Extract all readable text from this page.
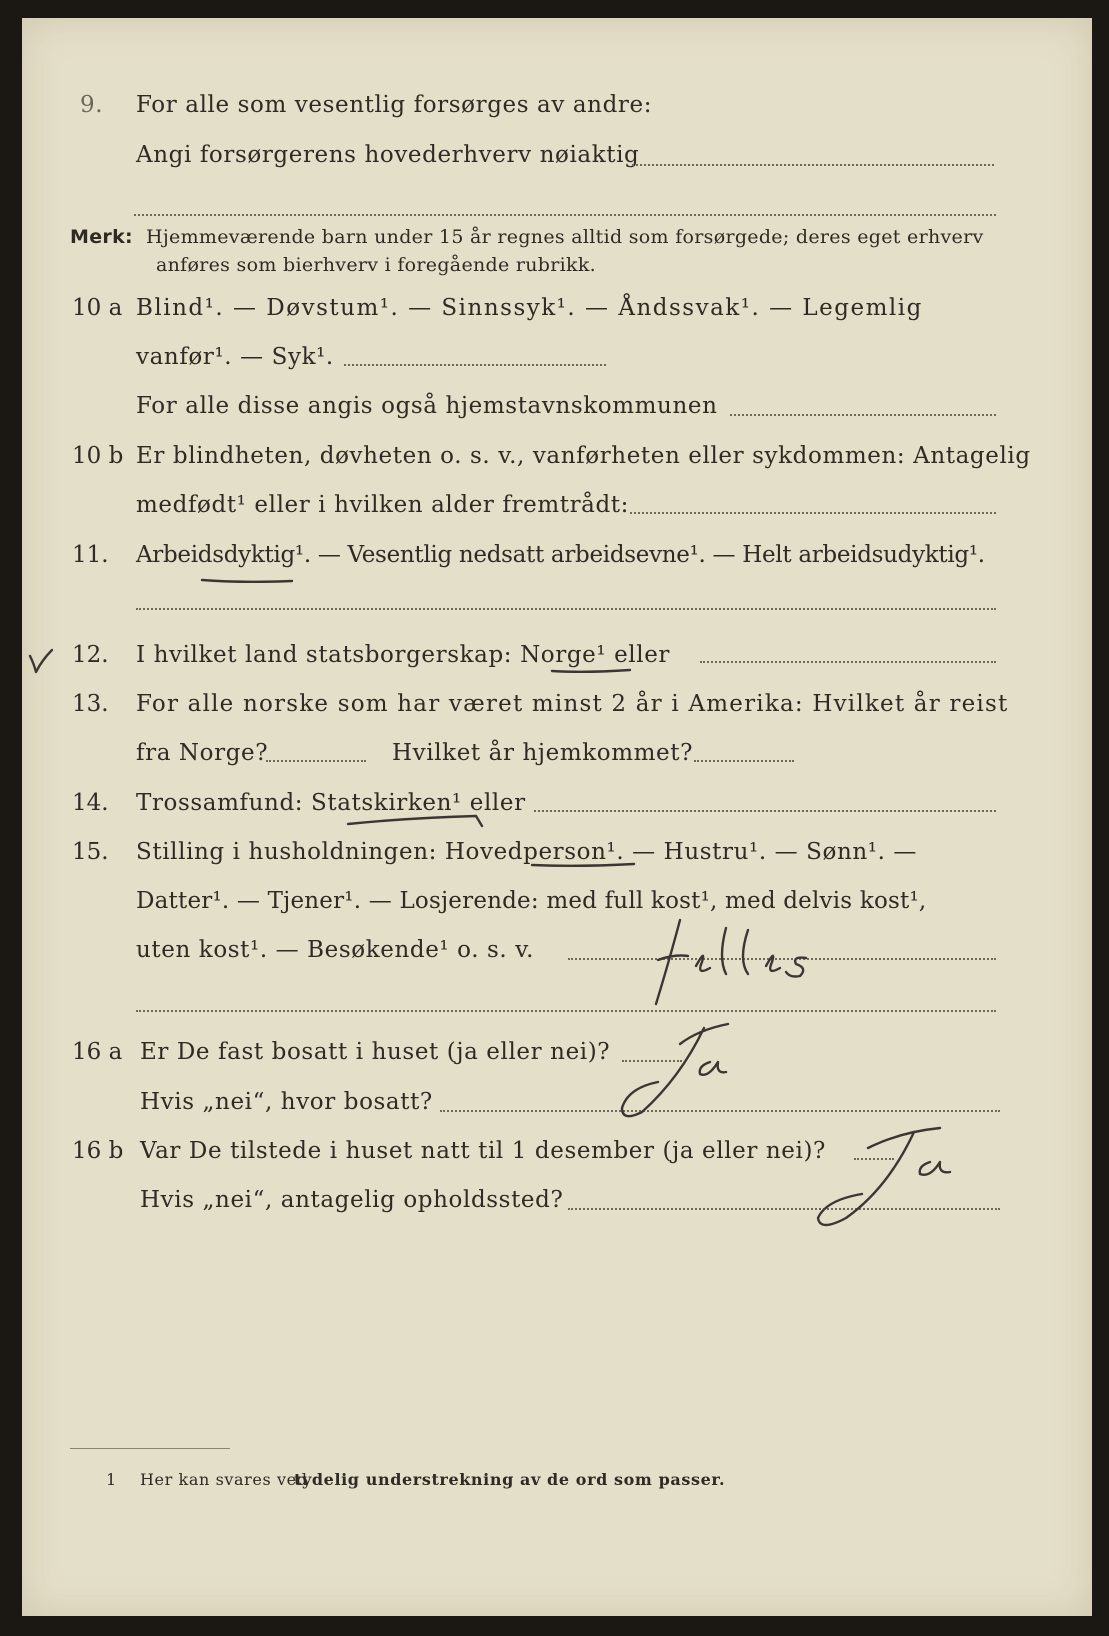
9. For alle som vesentlig forsørges av andre:
Angi forsørgerens hovederhverv nøiaktig
Merk: Hjemmeværende barn under 15 år regnes alltid som forsørgede; deres eget erhverv
anføres som bierhverv i foregående rubrikk.
10 a Blind¹. — Døvstum¹. — Sinnssyk¹. — Åndssvak¹. — Legemlig
vanfør¹. — Syk¹.
For alle disse angis også hjemstavnskommunen
10 b Er blindheten, døvheten o. s. v., vanførheten eller sykdommen: Antagelig
medfødt¹ eller i hvilken alder fremtrådt:
11. Arbeidsdyktig¹. — Vesentlig nedsatt arbeidsevne¹. — Helt arbeidsudyktig¹.
12. I hvilket land statsborgerskap: Norge¹ eller
13. For alle norske som har været minst 2 år i Amerika: Hvilket år reist
fra Norge?	Hvilket år hjemkommet?
14. Trossamfund: Statskirken¹ eller
15. Stilling i husholdningen: Hovedperson¹. — Hustru¹. — Sønn¹. —
Datter¹. — Tjener¹. — Losjerende: med full kost¹, med delvis kost¹,
uten kost¹. — Besøkende¹ o. s. v.
16 a Er De fast bosatt i huset (ja eller nei)?
Hvis „nei“, hvor bosatt?
16 b Var De tilstede i huset natt til 1 desember (ja eller nei)?
Hvis „nei“, antagelig opholdssted?
1 Her kan svares ved
tydelig understrekning av de ord som passer.
